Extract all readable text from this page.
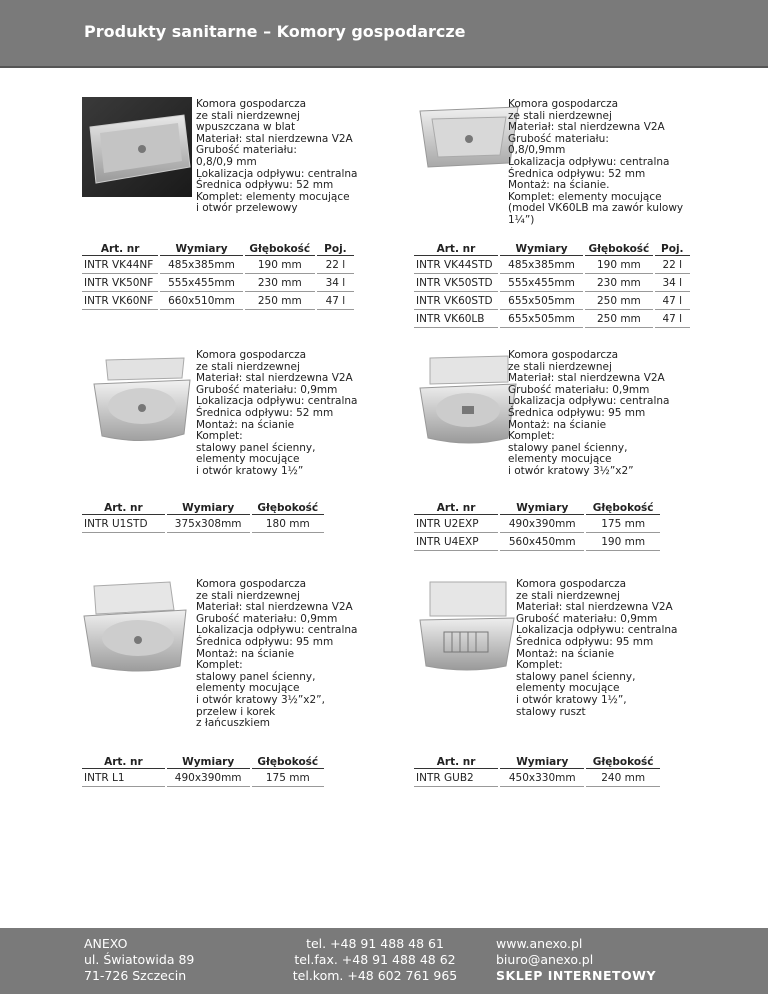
Produkty sanitarne – Komory gospodarcze
Komora gospodarcza
ze stali nierdzewnej
wpuszczana w blat
Materiał: stal nierdzewna V2A
Grubość materiału:
0,8/0,9 mm
Lokalizacja odpływu: centralna
Średnica odpływu: 52 mm
Komplet: elementy mocujące
i otwór przelewowy
Art. nr	Wymiary	Głębokość	Poj.
INTR VK44NF	485x385mm	190 mm	22 l
INTR VK50NF	555x455mm	230 mm	34 l
INTR VK60NF	660x510mm	250 mm	47 l
Komora gospodarcza
ze stali nierdzewnej
Materiał: stal nierdzewna V2A
Grubość materiału:
0,8/0,9mm
Lokalizacja odpływu: centralna
Średnica odpływu: 52 mm
Montaż: na ścianie.
Komplet: elementy mocujące
(model VK60LB ma zawór kulowy
1¼”)
Art. nr	Wymiary	Głębokość	Poj.
INTR VK44STD	485x385mm	190 mm	22 l
INTR VK50STD	555x455mm	230 mm	34 l
INTR VK60STD	655x505mm	250 mm	47 l
INTR VK60LB	655x505mm	250 mm	47 l
Komora gospodarcza
ze stali nierdzewnej
Materiał: stal nierdzewna V2A
Grubość materiału: 0,9mm
Lokalizacja odpływu: centralna
Średnica odpływu: 52 mm
Montaż: na ścianie
Komplet:
stalowy panel ścienny,
elementy mocujące
i otwór kratowy 1½”
Art. nr	Wymiary	Głębokość
INTR U1STD	375x308mm	180 mm
Komora gospodarcza
ze stali nierdzewnej
Materiał: stal nierdzewna V2A
Grubość materiału: 0,9mm
Lokalizacja odpływu: centralna
Średnica odpływu: 95 mm
Montaż: na ścianie
Komplet:
stalowy panel ścienny,
elementy mocujące
i otwór kratowy 3½”x2”
Art. nr	Wymiary	Głębokość
INTR U2EXP	490x390mm	175 mm
INTR U4EXP	560x450mm	190 mm
Komora gospodarcza
ze stali nierdzewnej
Materiał: stal nierdzewna V2A
Grubość materiału: 0,9mm
Lokalizacja odpływu: centralna
Średnica odpływu: 95 mm
Montaż: na ścianie
Komplet:
stalowy panel ścienny,
elementy mocujące
i otwór kratowy 3½”x2”,
przelew i korek
z łańcuszkiem
Art. nr	Wymiary	Głębokość
INTR L1	490x390mm	175 mm
Komora gospodarcza
ze stali nierdzewnej
Materiał: stal nierdzewna V2A
Grubość materiału: 0,9mm
Lokalizacja odpływu: centralna
Średnica odpływu: 95 mm
Montaż: na ścianie
Komplet:
stalowy panel ścienny,
elementy mocujące
i otwór kratowy 1½”,
stalowy ruszt
Art. nr	Wymiary	Głębokość
INTR GUB2	450x330mm	240 mm
ANEXO
ul. Światowida 89
71-726 Szczecin
tel. +48 91 488 48 61
tel.fax. +48 91 488 48 62
tel.kom. +48 602 761 965
www.anexo.pl
biuro@anexo.pl
SKLEP INTERNETOWY
